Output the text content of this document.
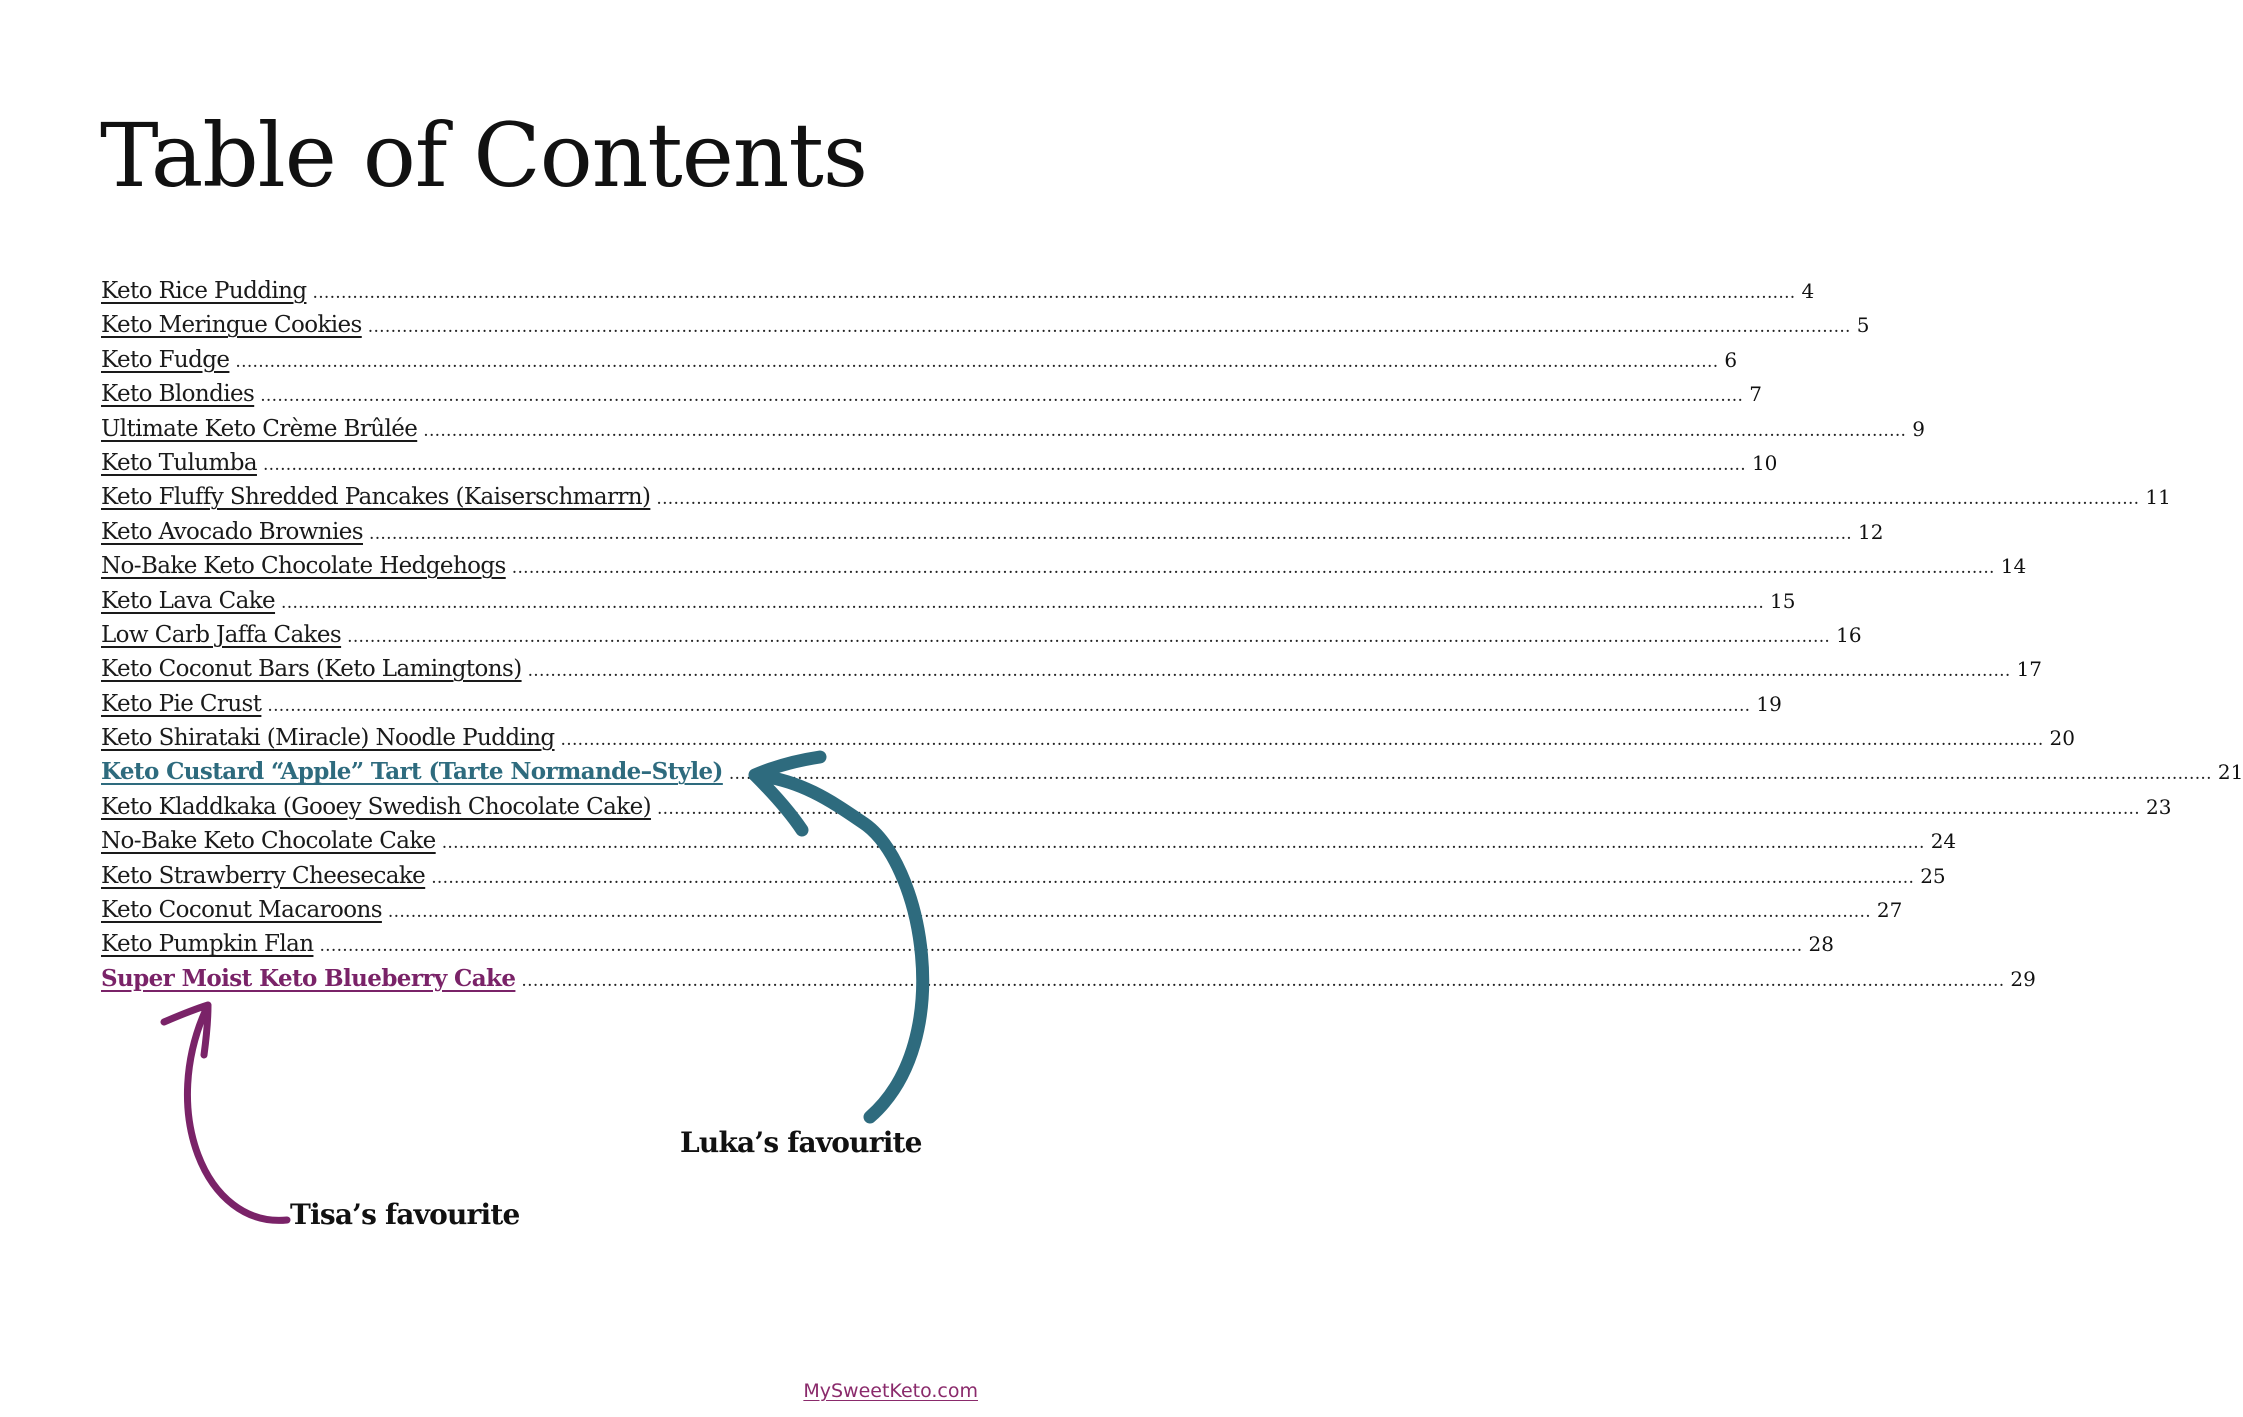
Table of Contents
Keto Rice Pudding .................................................................................................................................................................................................................................................................... 4
Keto Meringue Cookies .................................................................................................................................................................................................................................................................... 5
Keto Fudge .................................................................................................................................................................................................................................................................... 6
Keto Blondies .................................................................................................................................................................................................................................................................... 7
Ultimate Keto Crème Brûlée .................................................................................................................................................................................................................................................................... 9
Keto Tulumba .................................................................................................................................................................................................................................................................... 10
Keto Fluffy Shredded Pancakes (Kaiserschmarrn) .................................................................................................................................................................................................................................................................... 11
Keto Avocado Brownies .................................................................................................................................................................................................................................................................... 12
No-Bake Keto Chocolate Hedgehogs .................................................................................................................................................................................................................................................................... 14
Keto Lava Cake .................................................................................................................................................................................................................................................................... 15
Low Carb Jaffa Cakes .................................................................................................................................................................................................................................................................... 16
Keto Coconut Bars (Keto Lamingtons) .................................................................................................................................................................................................................................................................... 17
Keto Pie Crust .................................................................................................................................................................................................................................................................... 19
Keto Shirataki (Miracle) Noodle Pudding .................................................................................................................................................................................................................................................................... 20
Keto Custard “Apple” Tart (Tarte Normande–Style) .................................................................................................................................................................................................................................................................... 21
Keto Kladdkaka (Gooey Swedish Chocolate Cake) .................................................................................................................................................................................................................................................................... 23
No-Bake Keto Chocolate Cake .................................................................................................................................................................................................................................................................... 24
Keto Strawberry Cheesecake .................................................................................................................................................................................................................................................................... 25
Keto Coconut Macaroons .................................................................................................................................................................................................................................................................... 27
Keto Pumpkin Flan .................................................................................................................................................................................................................................................................... 28
Super Moist Keto Blueberry Cake .................................................................................................................................................................................................................................................................... 29

Luka’s favourite

Tisa’s favourite

MySweetKeto.com
